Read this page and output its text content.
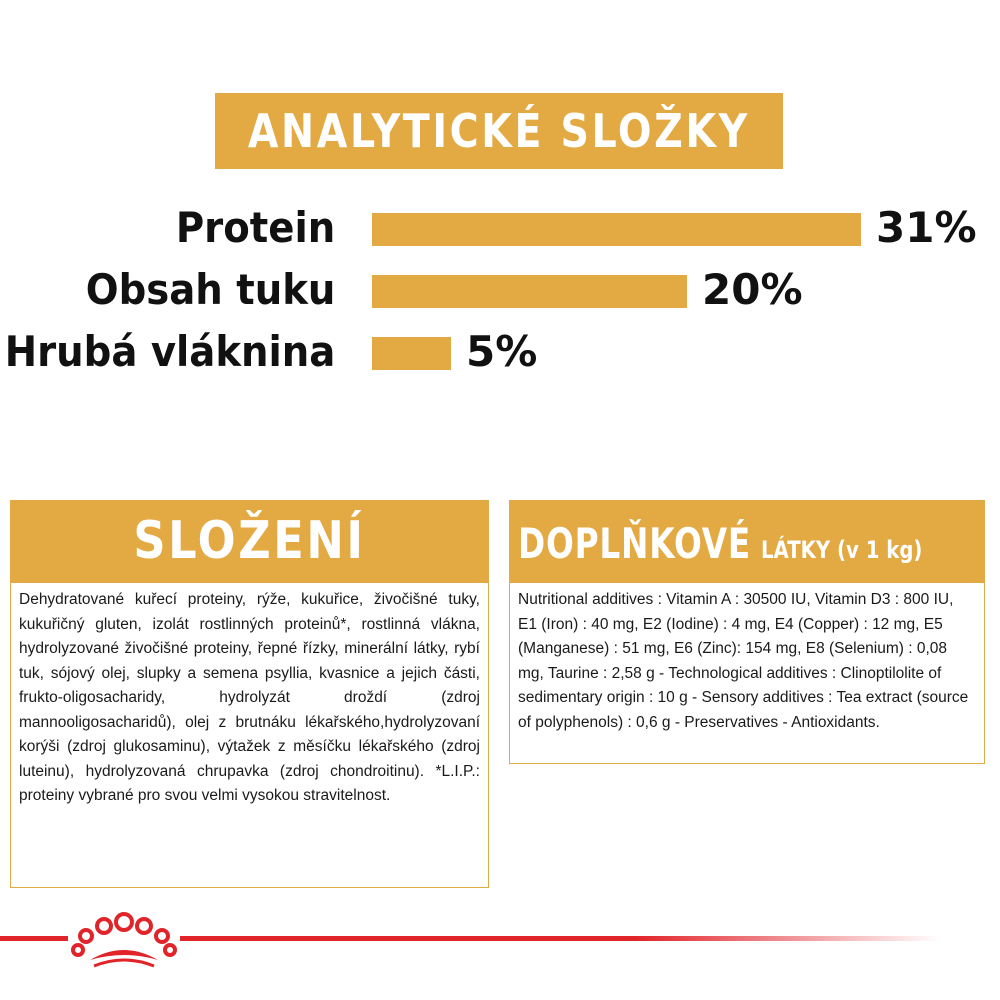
ANALYTICKÉ SLOŽKY
Protein	31%
Obsah tuku	20%
Hrubá vláknina	5%
SLOŽENÍ
Dehydratované kuřecí proteiny, rýže, kukuřice, živočišné tuky, kukuřičný gluten, izolát rostlinných proteinů*, rostlinná vlákna, hydrolyzované živočišné proteiny, řepné řízky, minerální látky, rybí tuk, sójový olej, slupky a semena psyllia, kvasnice a jejich části, frukto-oligosacharidy, hydrolyzát droždí (zdroj mannooligosacharidů), olej z brutnáku lékařského,hydrolyzovaní korýši (zdroj glukosaminu), výtažek z měsíčku lékařského (zdroj luteinu), hydrolyzovaná chrupavka (zdroj chondroitinu). *L.I.P.: proteiny vybrané pro svou velmi vysokou stravitelnost.
DOPLŇKOVÉ LÁTKY (v 1 kg)
Nutritional additives : Vitamin A : 30500 IU, Vitamin D3 : 800 IU, E1 (Iron) : 40 mg, E2 (Iodine) : 4 mg, E4 (Copper) : 12 mg, E5 (Manganese) : 51 mg, E6 (Zinc): 154 mg, E8 (Selenium) : 0,08 mg, Taurine : 2,58 g - Technological additives : Clinoptilolite of sedimentary origin : 10 g - Sensory additives : Tea extract (source of polyphenols) : 0,6 g - Preservatives - Antioxidants.
